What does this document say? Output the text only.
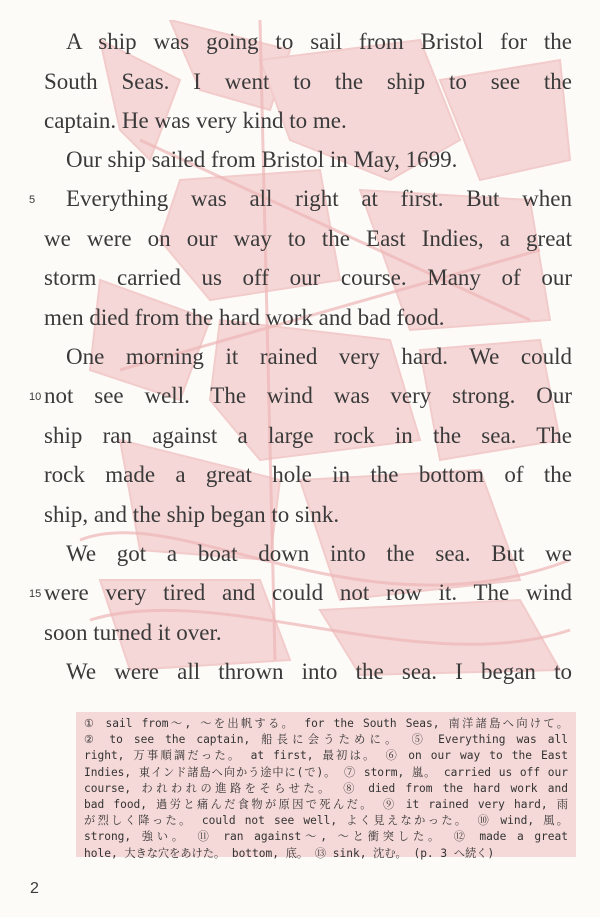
A ship was going to sail from Bristol for the
South Seas. I went to the ship to see the
captain. He was very kind to me.
Our ship sailed from Bristol in May, 1699.
5 Everything was all right at first. But when
we were on our way to the East Indies, a great
storm carried us off our course. Many of our
men died from the hard work and bad food.
One morning it rained very hard. We could
10 not see well. The wind was very strong. Our
ship ran against a large rock in the sea. The
rock made a great hole in the bottom of the
ship, and the ship began to sink.
We got a boat down into the sea. But we
15 were very tired and could not row it. The wind
soon turned it over.
We were all thrown into the sea. I began to
① sail from～, ～を出帆する。 for the South Seas, 南洋諸島へ向けて。
② to see the captain, 船長に会うために。 ⑤ Everything was all
right, 万事順調だった。 at first, 最初は。 ⑥ on our way to the East
Indies, 東インド諸島へ向かう途中に(で)。 ⑦ storm, 嵐。 carried us off our
course, われわれの進路をそらせた。 ⑧ died from the hard work and
bad food, 過労と痛んだ食物が原因で死んだ。 ⑨ it rained very hard, 雨
が烈しく降った。 could not see well, よく見えなかった。 ⑩ wind, 風。
strong, 強い。 ⑪ ran against～, ～と衝突した。 ⑫ made a great
hole, 大きな穴をあけた。 bottom, 底。 ⑬ sink, 沈む。 (p. 3 へ続く)
2
